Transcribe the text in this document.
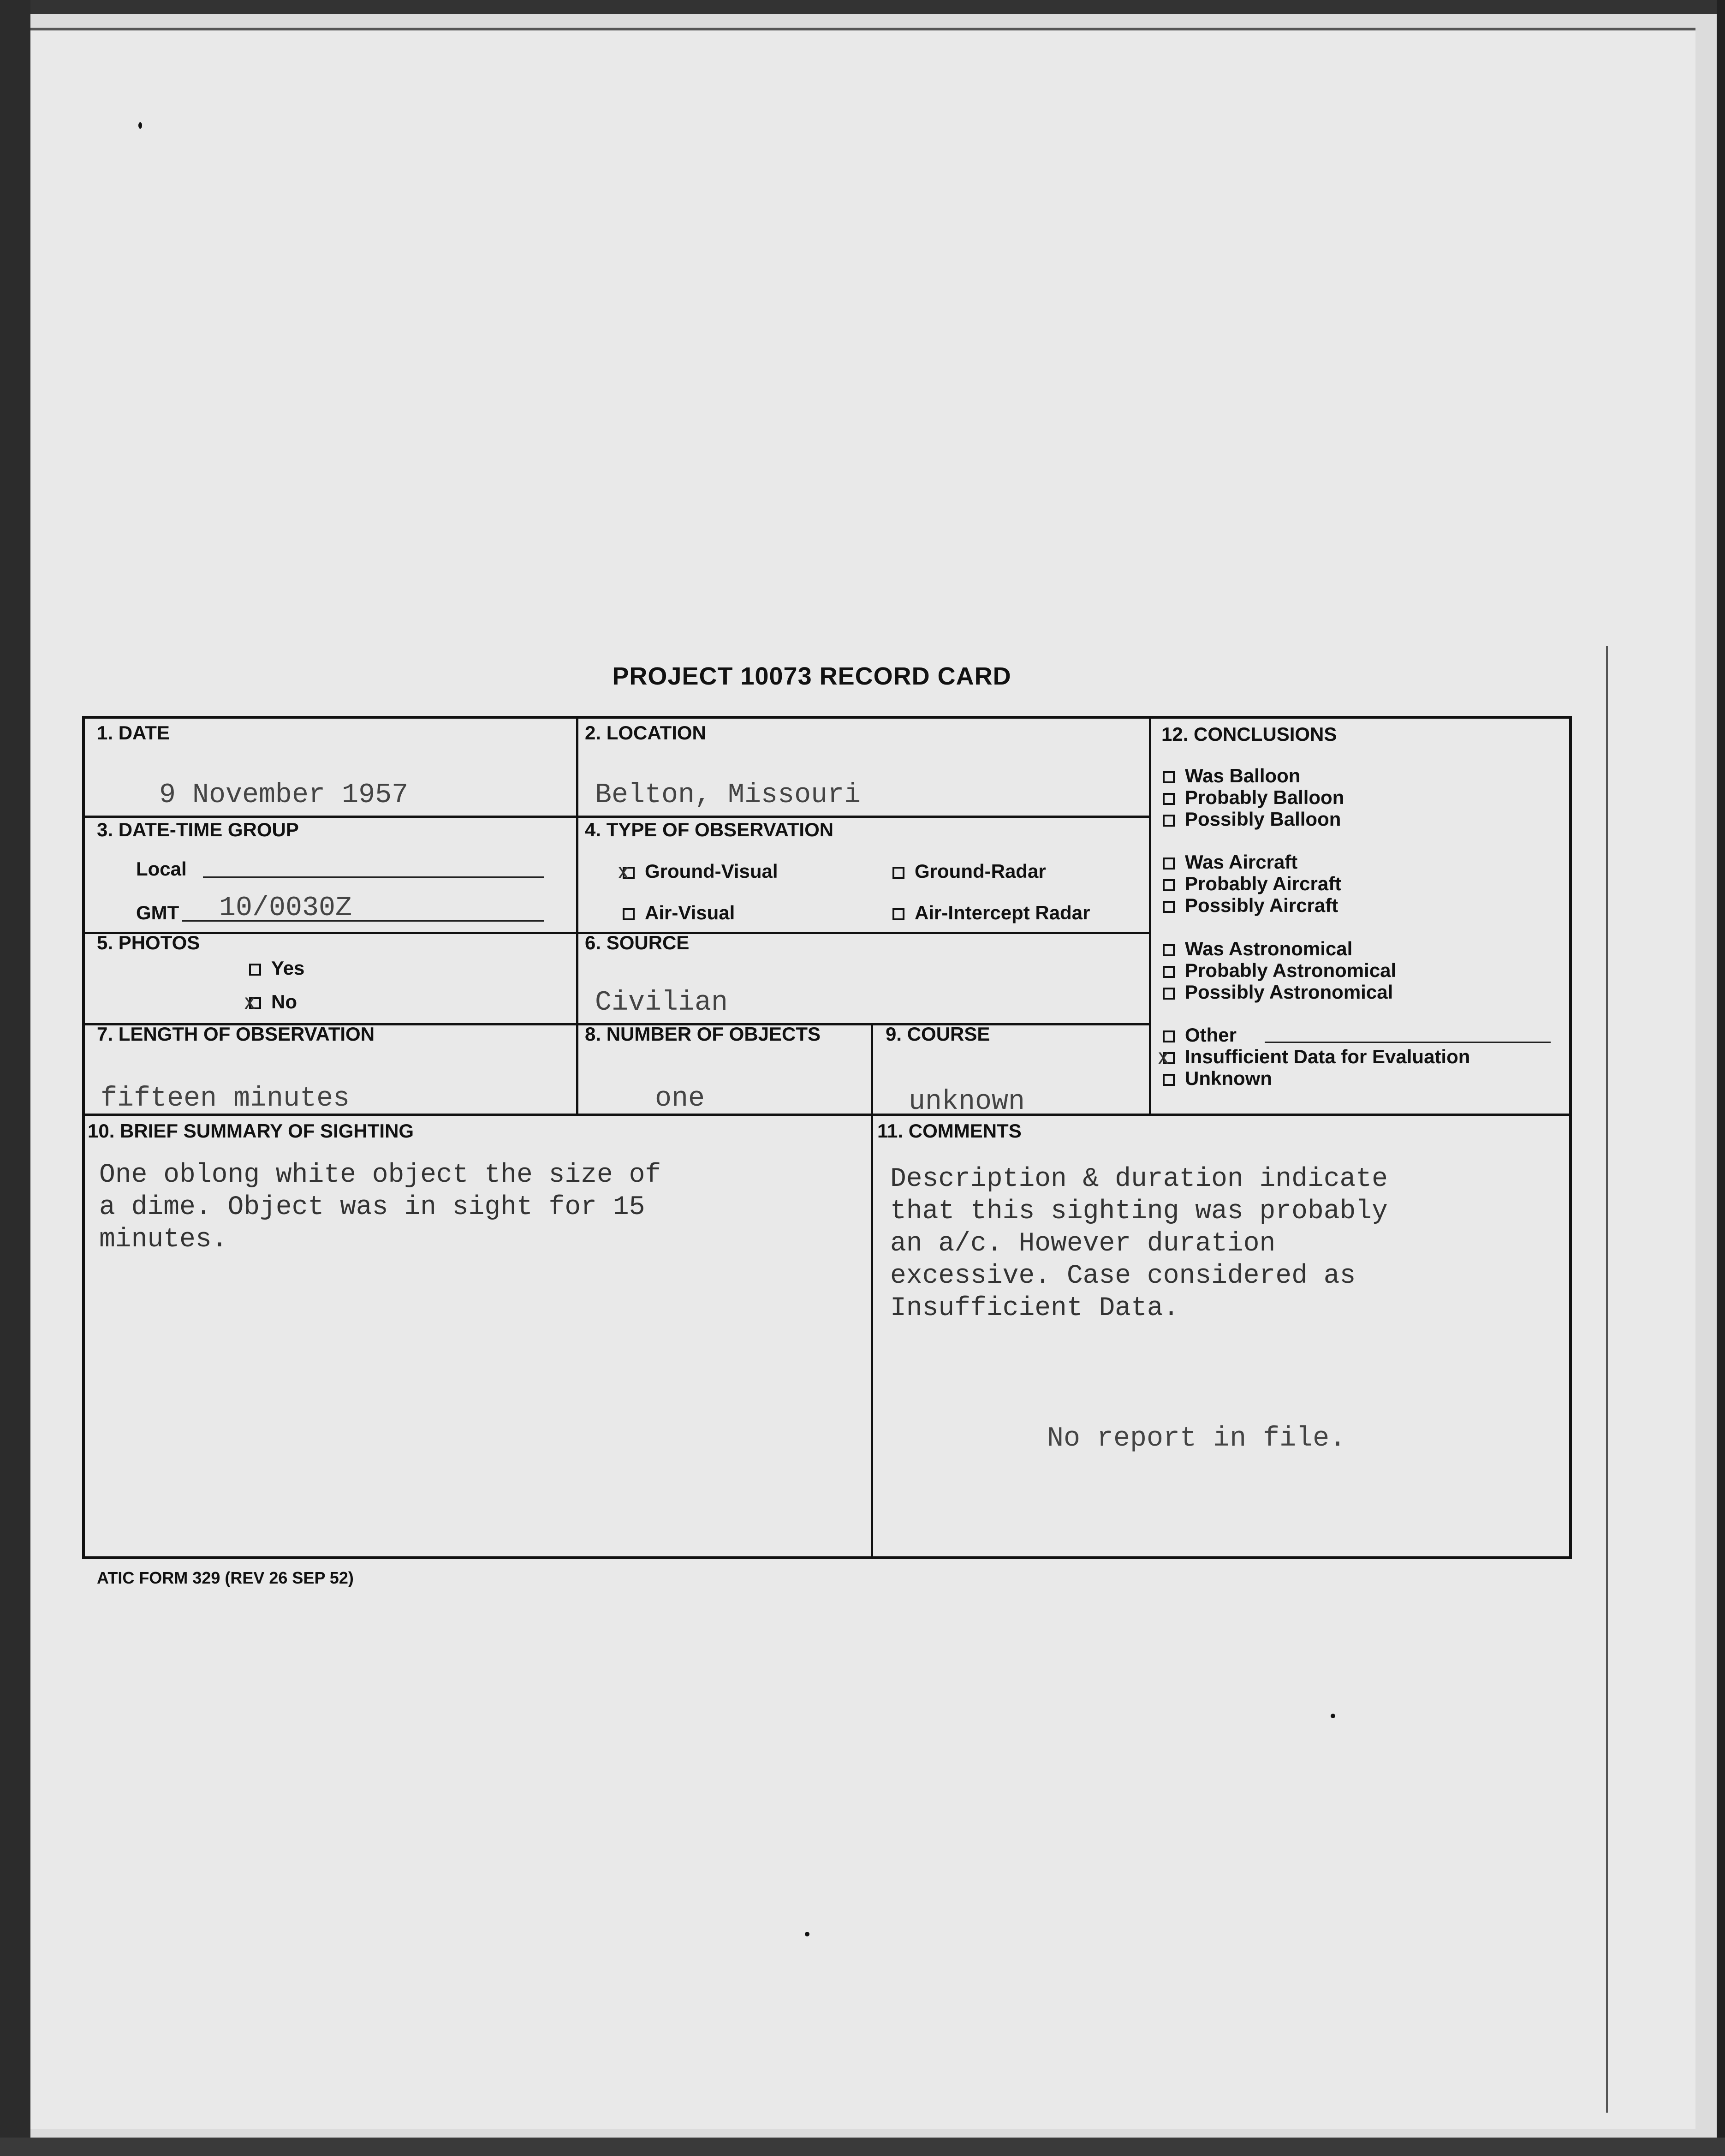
PROJECT 10073 RECORD CARD
1. DATE
9 November 1957
2. LOCATION
Belton, Missouri
3. DATE-TIME GROUP
Local
GMT 10/0030Z
4. TYPE OF OBSERVATION
xGround-Visual	Ground-Radar
Air-Visual	Air-Intercept Radar
5. PHOTOS
Yes
xNo
6. SOURCE
Civilian
7. LENGTH OF OBSERVATION
fifteen minutes
8. NUMBER OF OBJECTS
one
9. COURSE
unknown
10. BRIEF SUMMARY OF SIGHTING
One oblong white object the size of
a dime. Object was in sight for 15
minutes.
11. COMMENTS
Description & duration indicate
that this sighting was probably
an a/c. However duration
excessive. Case considered as
Insufficient Data.
No report in file.
12. CONCLUSIONS
Was Balloon
Probably Balloon
Possibly Balloon
Was Aircraft
Probably Aircraft
Possibly Aircraft
Was Astronomical
Probably Astronomical
Possibly Astronomical
Other
xInsufficient Data for Evaluation
Unknown
ATIC FORM 329 (REV 26 SEP 52)
